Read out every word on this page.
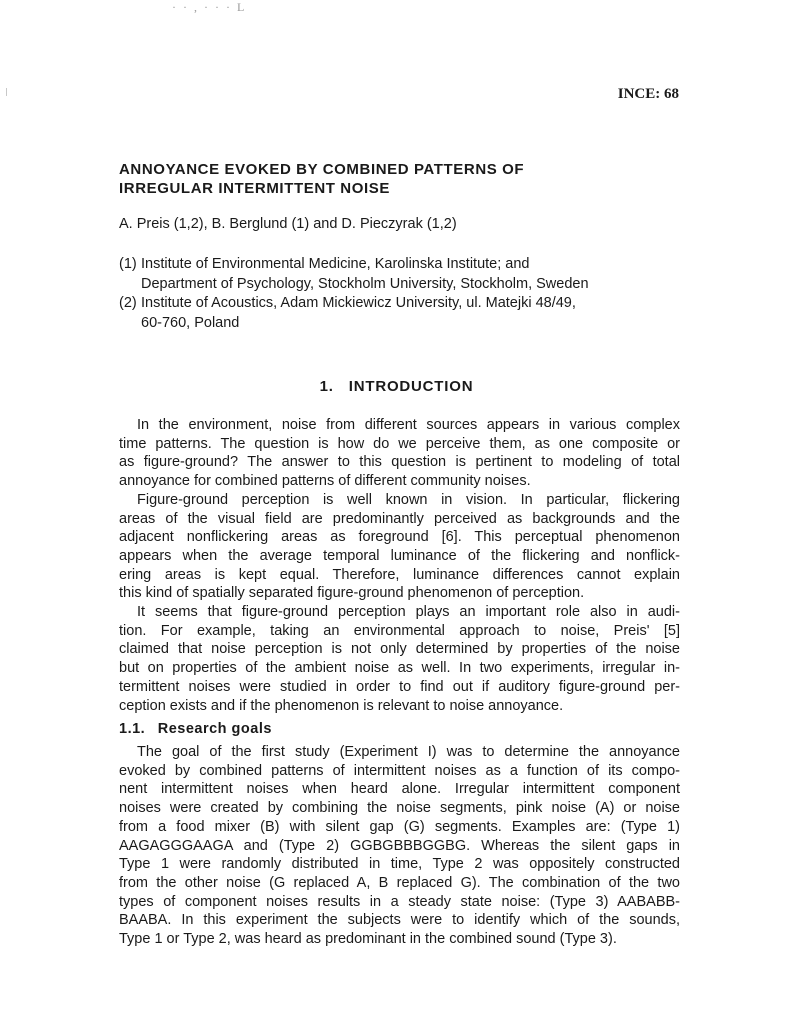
· · , · · · L
INCE: 68
ANNOYANCE EVOKED BY COMBINED PATTERNS OF
IRREGULAR INTERMITTENT NOISE

A. Preis (1,2), B. Berglund (1) and D. Pieczyrak (1,2)

(1) Institute of Environmental Medicine, Karolinska Institute; and
Department of Psychology, Stockholm University, Stockholm, Sweden
(2) Institute of Acoustics, Adam Mickiewicz University, ul. Matejki 48/49,
60-760, Poland
1. INTRODUCTION
In the environment, noise from different sources appears in various complex
time patterns. The question is how do we perceive them, as one composite or
as figure-ground? The answer to this question is pertinent to modeling of total
annoyance for combined patterns of different community noises.
Figure-ground perception is well known in vision. In particular, flickering
areas of the visual field are predominantly perceived as backgrounds and the
adjacent nonflickering areas as foreground [6]. This perceptual phenomenon
appears when the average temporal luminance of the flickering and nonflick-
ering areas is kept equal. Therefore, luminance differences cannot explain
this kind of spatially separated figure-ground phenomenon of perception.
It seems that figure-ground perception plays an important role also in audi-
tion. For example, taking an environmental approach to noise, Preis' [5]
claimed that noise perception is not only determined by properties of the noise
but on properties of the ambient noise as well. In two experiments, irregular in-
termittent noises were studied in order to find out if auditory figure-ground per-
ception exists and if the phenomenon is relevant to noise annoyance.
1.1. Research goals
The goal of the first study (Experiment I) was to determine the annoyance
evoked by combined patterns of intermittent noises as a function of its compo-
nent intermittent noises when heard alone. Irregular intermittent component
noises were created by combining the noise segments, pink noise (A) or noise
from a food mixer (B) with silent gap (G) segments. Examples are: (Type 1)
AAGAGGGAAGA and (Type 2) GGBGBBBGGBG. Whereas the silent gaps in
Type 1 were randomly distributed in time, Type 2 was oppositely constructed
from the other noise (G replaced A, B replaced G). The combination of the two
types of component noises results in a steady state noise: (Type 3) AABABB-
BAABA. In this experiment the subjects were to identify which of the sounds,
Type 1 or Type 2, was heard as predominant in the combined sound (Type 3).
